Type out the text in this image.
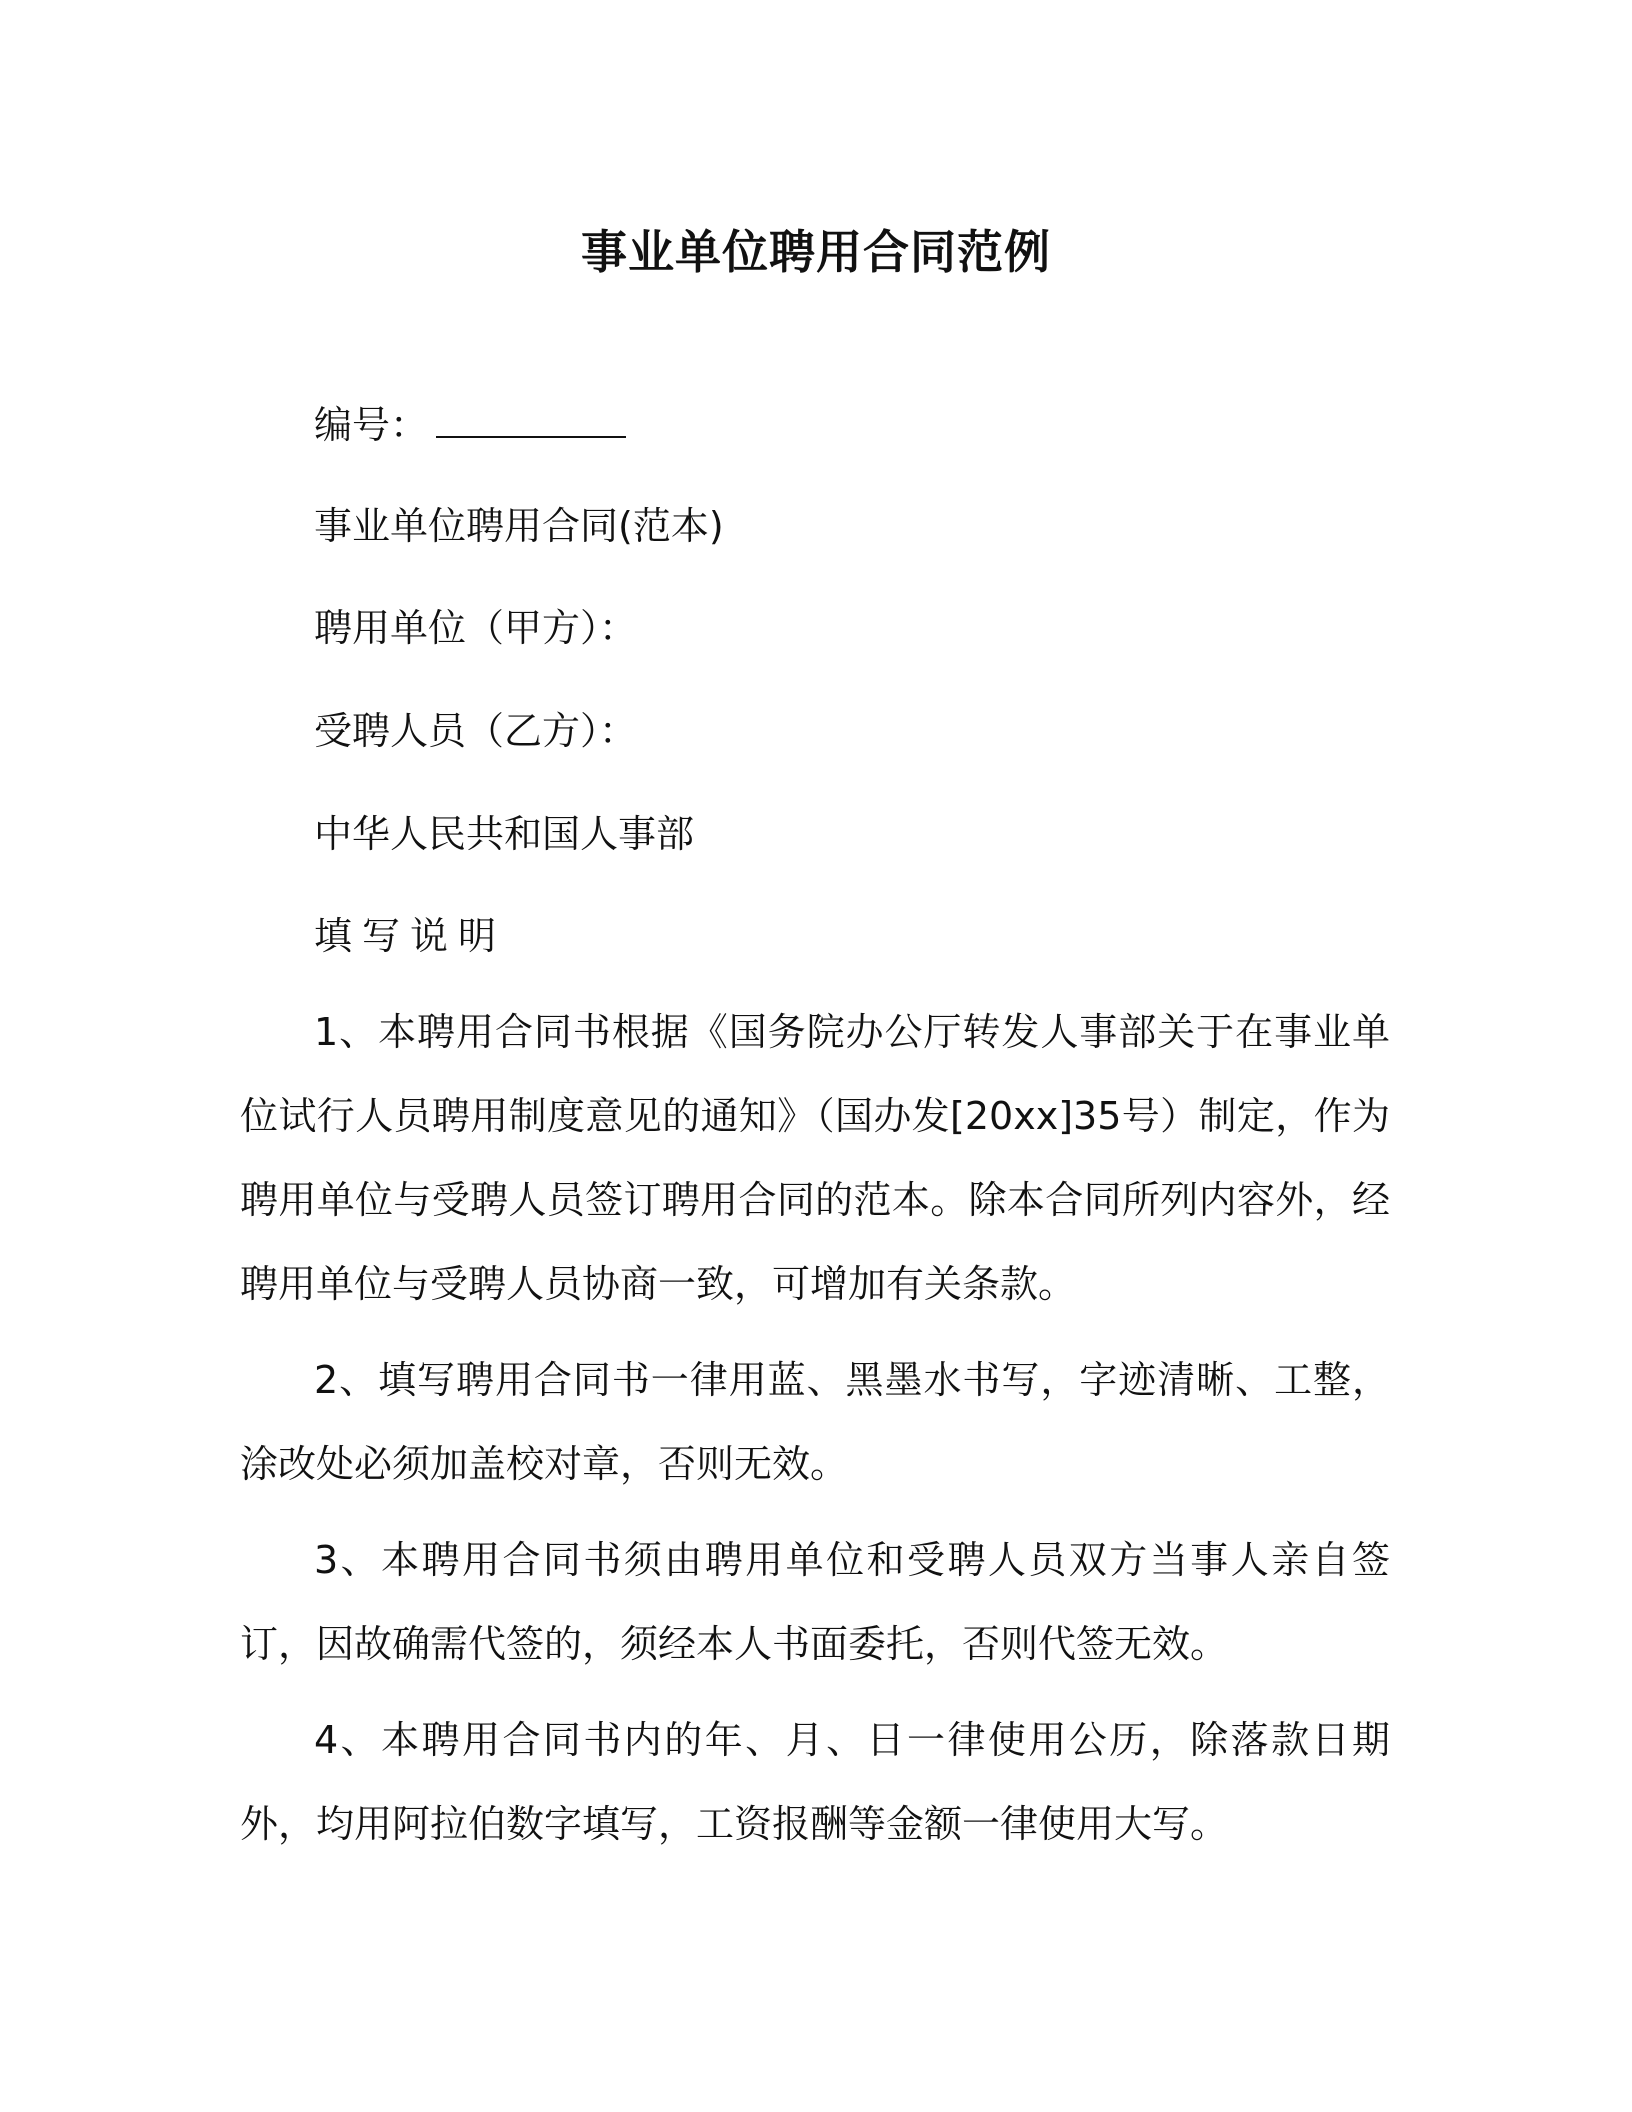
事业单位聘用合同范例
编号：
事业单位聘用合同(范本)
聘用单位（甲方）：
受聘人员（乙方）：
中华人民共和国人事部
填写说明
1、本聘用合同书根据《国务院办公厅转发人事部关于在事业单位试行人员聘用制度意见的通知》（国办发[20xx]35号）制定，作为聘用单位与受聘人员签订聘用合同的范本。除本合同所列内容外，经聘用单位与受聘人员协商一致，可增加有关条款。
2、填写聘用合同书一律用蓝、黑墨水书写，字迹清晰、工整，涂改处必须加盖校对章，否则无效。
3、本聘用合同书须由聘用单位和受聘人员双方当事人亲自签订，因故确需代签的，须经本人书面委托，否则代签无效。
4、本聘用合同书内的年、月、日一律使用公历，除落款日期外，均用阿拉伯数字填写，工资报酬等金额一律使用大写。
